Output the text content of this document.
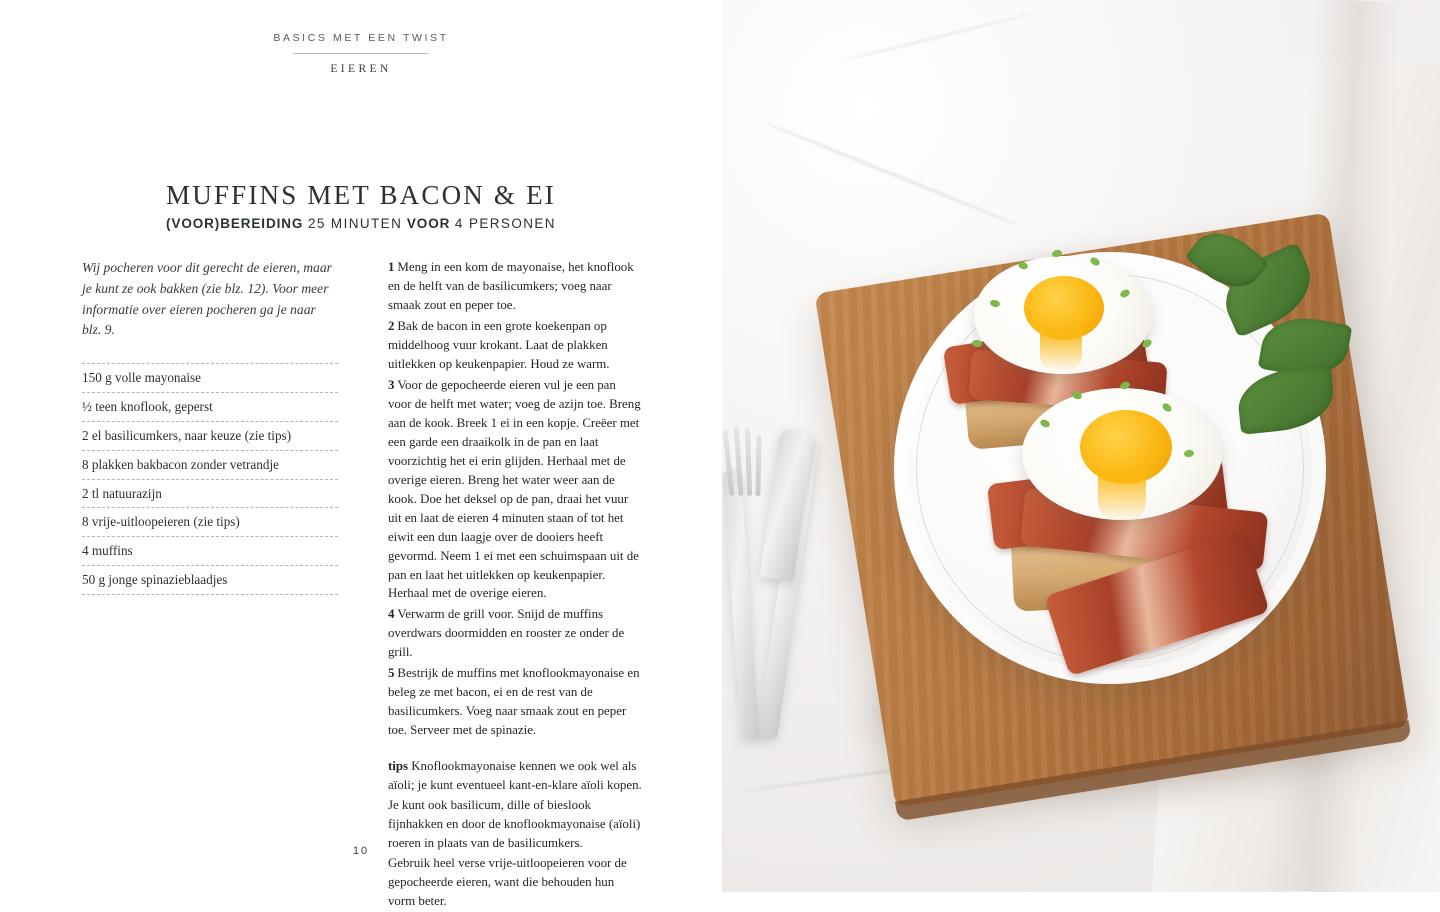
BASICS MET EEN TWIST
EIEREN
MUFFINS MET BACON & EI
(VOOR)BEREIDING 25 MINUTEN VOOR 4 PERSONEN

Wij pocheren voor dit gerecht de eieren, maar je kunt ze ook bakken (zie blz. 12). Voor meer informatie over eieren pocheren ga je naar blz. 9.

150 g volle mayonaise
½ teen knoflook, geperst
2 el basilicumkers, naar keuze (zie tips)
8 plakken bakbacon zonder vetrandje
2 tl natuurazijn
8 vrije-uitloopeieren (zie tips)
4 muffins
50 g jonge spinazieblaadjes

1 Meng in een kom de mayonaise, het knoflook en de helft van de basilicumkers; voeg naar smaak zout en peper toe.

2 Bak de bacon in een grote koekenpan op middelhoog vuur krokant. Laat de plakken uitlekken op keukenpapier. Houd ze warm.

3 Voor de gepocheerde eieren vul je een pan voor de helft met water; voeg de azijn toe. Breng aan de kook. Breek 1 ei in een kopje. Creëer met een garde een draaikolk in de pan en laat voorzichtig het ei erin glijden. Herhaal met de overige eieren. Breng het water weer aan de kook. Doe het deksel op de pan, draai het vuur uit en laat de eieren 4 minuten staan of tot het eiwit een dun laagje over de dooiers heeft gevormd. Neem 1 ei met een schuimspaan uit de pan en laat het uitlekken op keukenpapier. Herhaal met de overige eieren.

4 Verwarm de grill voor. Snijd de muffins overdwars doormidden en rooster ze onder de grill.

5 Bestrijk de muffins met knoflookmayonaise en beleg ze met bacon, ei en de rest van de basilicumkers. Voeg naar smaak zout en peper toe. Serveer met de spinazie.

tips Knoflookmayonaise kennen we ook wel als aïoli; je kunt eventueel kant-en-klare aïoli kopen.

Je kunt ook basilicum, dille of bieslook fijnhakken en door de knoflookmayonaise (aïoli) roeren in plaats van de basilicumkers.

Gebruik heel verse vrije-uitloopeieren voor de gepocheerde eieren, want die behouden hun vorm beter.

10
